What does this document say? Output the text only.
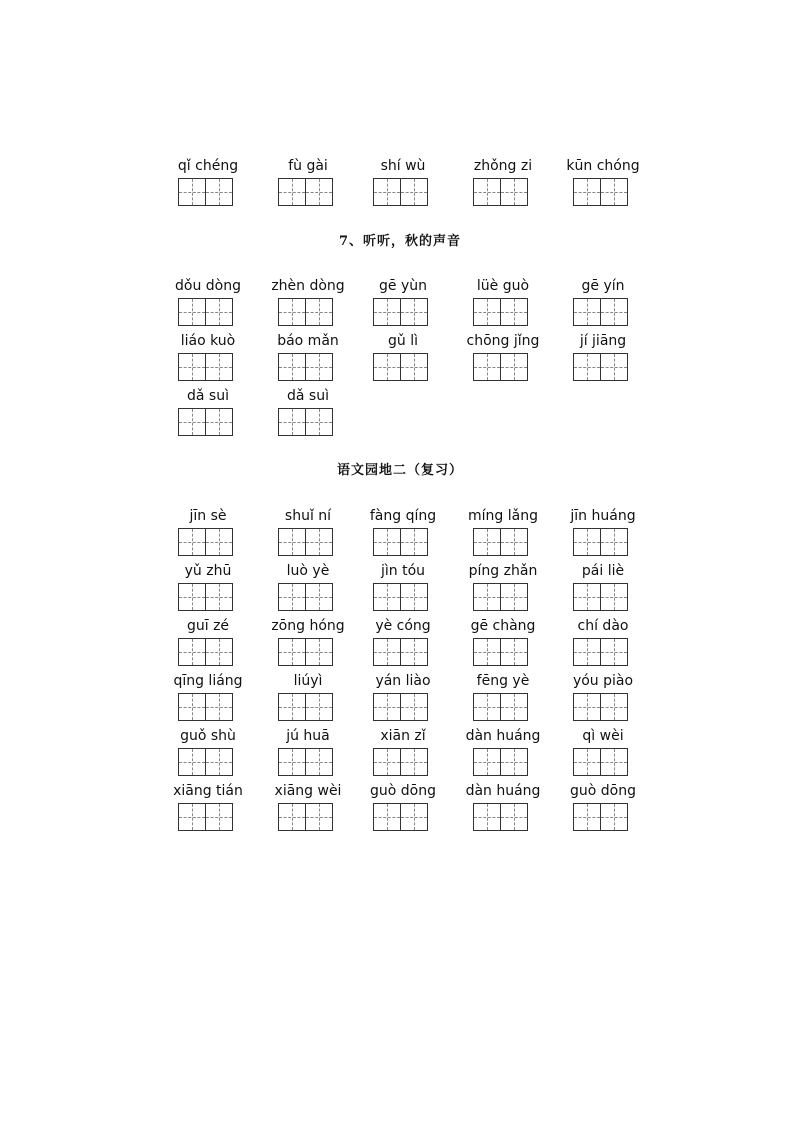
qǐ chéng	fù gài	shí wù	zhǒng zi	kūn chóng
7、听听，秋的声音
dǒu dòng	zhèn dòng	gē yùn	lüè guò	gē yín
liáo kuò	báo mǎn	gǔ lì	chōng jǐng	jí jiāng
dǎ suì	dǎ suì
语文园地二（复习）
jīn sè	shuǐ ní	fàng qíng	míng lǎng	jīn huáng
yǔ zhū	luò yè	jìn tóu	píng zhǎn	pái liè
guī zé	zōng hóng	yè cóng	gē chàng	chí dào
qīng liáng	liúyì	yán liào	fēng yè	yóu piào
guǒ shù	jú huā	xiān zǐ	dàn huáng	qì wèi
xiāng tián	xiāng wèi	guò dōng	dàn huáng	guò dōng
